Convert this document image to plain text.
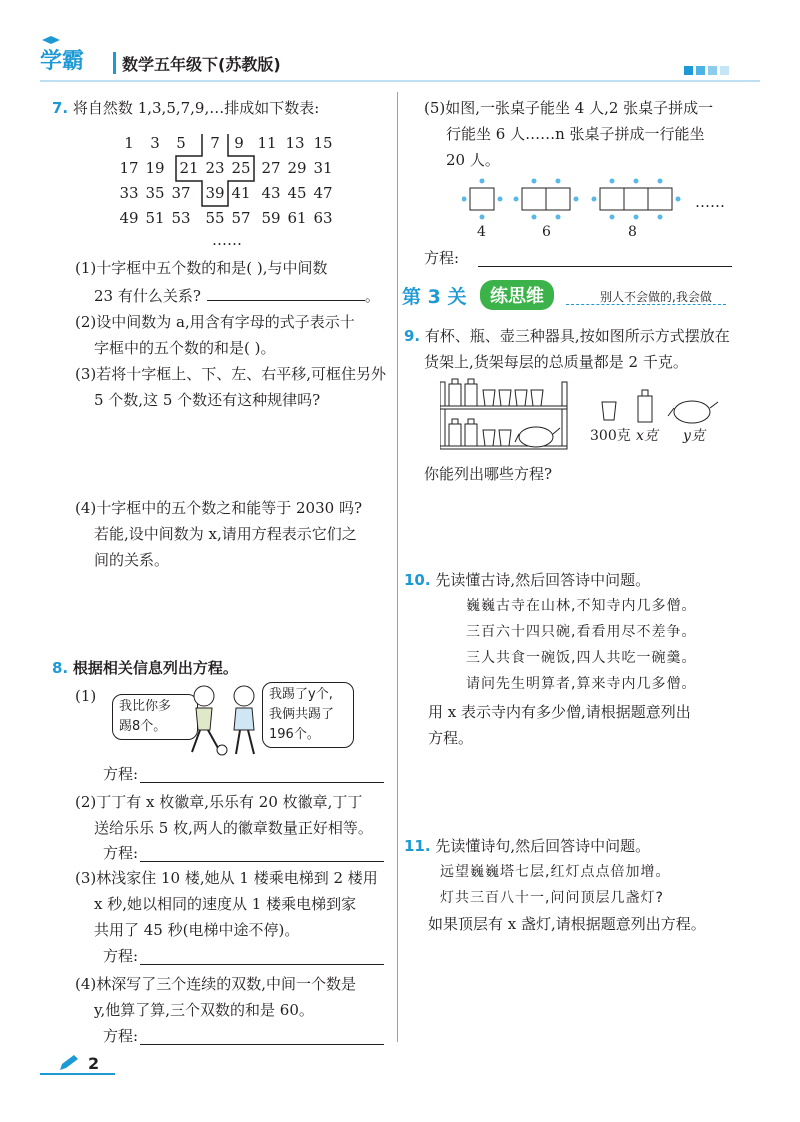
学霸 数学五年级下(苏教版)
7. 将自然数 1,3,5,7,9,…排成如下数表:
1	3	5	7 9 11 13 15
17 19 21 23 25 27 29 31
33 35 37 39 41 43 45 47
49 51 53 55 57 59 61 63
……
(1)十字框中五个数的和是( ),与中间数
23 有什么关系?	。
(2)设中间数为 a,用含有字母的式子表示十
字框中的五个数的和是( )。
(3)若将十字框上、下、左、右平移,可框住另外
5 个数,这 5 个数还有这种规律吗?
(4)十字框中的五个数之和能等于 2030 吗?
若能,设中间数为 x,请用方程表示它们之
间的关系。
8. 根据相关信息列出方程。
(1)
我比你多
踢8个。
我踢了y个,
我俩共踢了
196个。
方程:
(2)丁丁有 x 枚徽章,乐乐有 20 枚徽章,丁丁
送给乐乐 5 枚,两人的徽章数量正好相等。
方程:
(3)林浅家住 10 楼,她从 1 楼乘电梯到 2 楼用
x 秒,她以相同的速度从 1 楼乘电梯到家
共用了 45 秒(电梯中途不停)。
方程:
(4)林深写了三个连续的双数,中间一个数是
y,他算了算,三个双数的和是 60。
方程:
(5)如图,一张桌子能坐 4 人,2 张桌子拼成一
行能坐 6 人……n 张桌子拼成一行能坐
20 人。
……
4	6	8
方程:
第 3 关	练思维	别人不会做的,我会做
9. 有杯、瓶、壶三种器具,按如图所示方式摆放在
货架上,货架每层的总质量都是 2 千克。
300克 x克 y克
你能列出哪些方程?
10. 先读懂古诗,然后回答诗中问题。
巍巍古寺在山林,不知寺内几多僧。
三百六十四只碗,看看用尽不差争。
三人共食一碗饭,四人共吃一碗羹。
请问先生明算者,算来寺内几多僧。
用 x 表示寺内有多少僧,请根据题意列出
方程。
11. 先读懂诗句,然后回答诗中问题。
远望巍巍塔七层,红灯点点倍加增。
灯共三百八十一,问问顶层几盏灯?
如果顶层有 x 盏灯,请根据题意列出方程。
2
